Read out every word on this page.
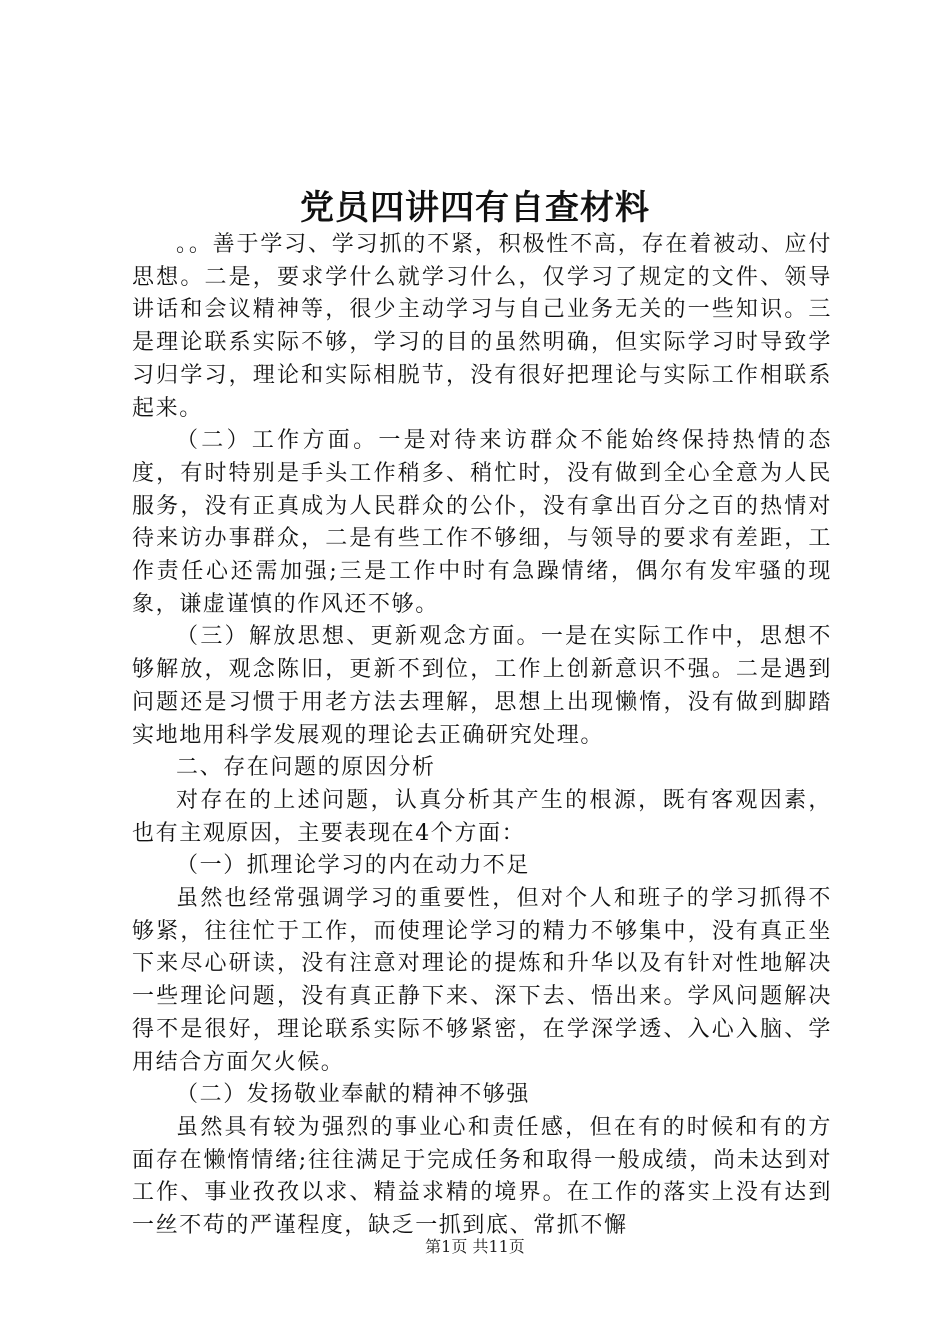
党员四讲四有自查材料

。。善于学习、学习抓的不紧，积极性不高，存在着被动、应付思想。二是，要求学什么就学习什么，仅学习了规定的文件、领导讲话和会议精神等，很少主动学习与自己业务无关的一些知识。三是理论联系实际不够，学习的目的虽然明确，但实际学习时导致学习归学习，理论和实际相脱节，没有很好把理论与实际工作相联系起来。

（二）工作方面。一是对待来访群众不能始终保持热情的态度，有时特别是手头工作稍多、稍忙时，没有做到全心全意为人民服务，没有正真成为人民群众的公仆，没有拿出百分之百的热情对待来访办事群众，二是有些工作不够细，与领导的要求有差距，工作责任心还需加强;三是工作中时有急躁情绪，偶尔有发牢骚的现象，谦虚谨慎的作风还不够。

（三）解放思想、更新观念方面。一是在实际工作中，思想不够解放，观念陈旧，更新不到位，工作上创新意识不强。二是遇到问题还是习惯于用老方法去理解，思想上出现懒惰，没有做到脚踏实地地用科学发展观的理论去正确研究处理。

二、存在问题的原因分析

对存在的上述问题，认真分析其产生的根源，既有客观因素，也有主观原因，主要表现在4个方面：

（一）抓理论学习的内在动力不足

虽然也经常强调学习的重要性，但对个人和班子的学习抓得不够紧，往往忙于工作，而使理论学习的精力不够集中，没有真正坐下来尽心研读，没有注意对理论的提炼和升华以及有针对性地解决一些理论问题，没有真正静下来、深下去、悟出来。学风问题解决得不是很好，理论联系实际不够紧密，在学深学透、入心入脑、学用结合方面欠火候。

（二）发扬敬业奉献的精神不够强

虽然具有较为强烈的事业心和责任感，但在有的时候和有的方面存在懒惰情绪;往往满足于完成任务和取得一般成绩，尚未达到对工作、事业孜孜以求、精益求精的境界。在工作的落实上没有达到一丝不苟的严谨程度，缺乏一抓到底、常抓不懈

第1页 共11页
